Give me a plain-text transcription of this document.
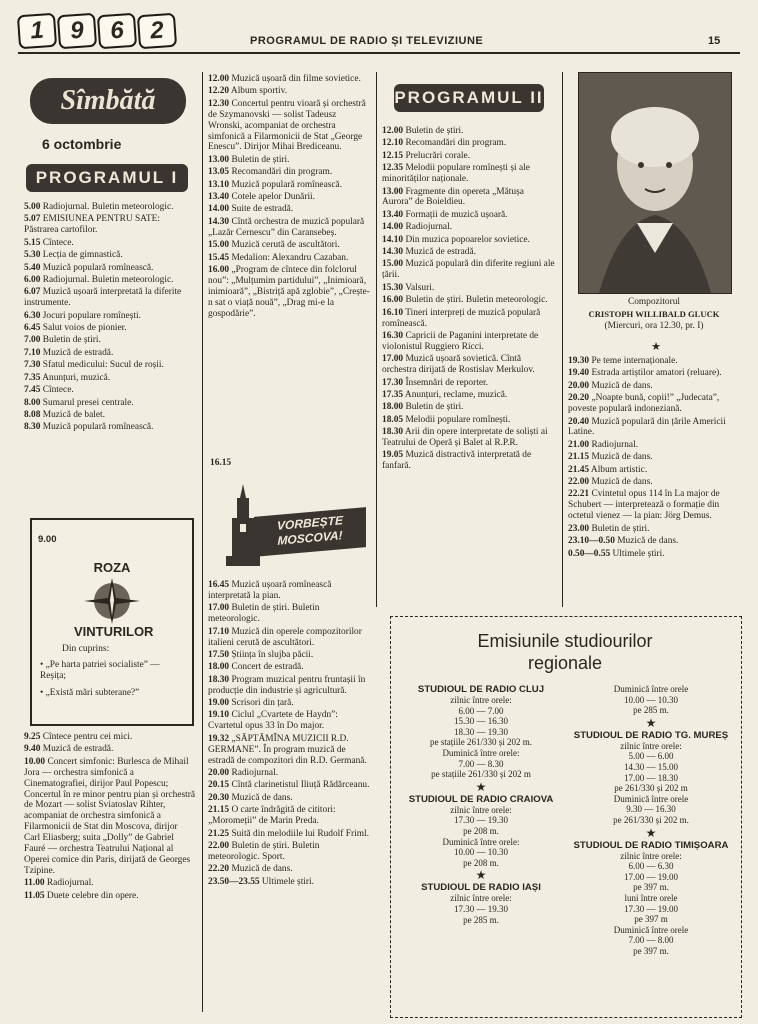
1	9	6	2	PROGRAMUL DE RADIO ȘI TELEVIZIUNE	15
Sîmbătă
6 octombrie
PROGRAMUL I

5.00 Radiojurnal. Buletin meteorologic.

5.07 EMISIUNEA PENTRU SATE: Păstrarea cartofilor.

5.15 Cîntece.

5.30 Lecția de gimnastică.

5.40 Muzică populară romînească.

6.00 Radiojurnal. Buletin meteorologic.

6.07 Muzică ușoară interpretată la diferite instrumente.

6.30 Jocuri populare romînești.

6.45 Salut voios de pionier.

7.00 Buletin de știri.

7.10 Muzică de estradă.

7.30 Sfatul medicului: Sucul de roșii.

7.35 Anunțuri, muzică.

7.45 Cîntece.

8.00 Sumarul presei centrale.

8.08 Muzică de balet.

8.30 Muzică populară romînească.

9.00
ROZA
VINTURILOR
Din cuprins:
• „Pe harta patriei socialiste” — Reșița;
• „Există mări subterane?”

9.25 Cîntece pentru cei mici.

9.40 Muzică de estradă.

10.00 Concert simfonic: Burlesca de Mihail Jora — orchestra simfonică a Cinematografiei, dirijor Paul Popescu; Concertul în re minor pentru pian și orchestră de Mozart — solist Sviatoslav Rihter, acompaniat de orchestra simfonică a Filarmonicii de Stat din Moscova, dirijor Carl Eliasberg; suita „Dolly” de Gabriel Fauré — orchestra Teatrului Național al Operei comice din Paris, dirijată de Georges Tzipine.

11.00 Radiojurnal.

11.05 Duete celebre din opere.

12.00 Muzică ușoară din filme sovietice.

12.20 Album sportiv.

12.30 Concertul pentru vioară și orchestră de Szymanovski — solist Tadeusz Wronski, acompaniat de orchestra simfonică a Filarmonicii de Stat „George Enescu”. Dirijor Mihai Brediceanu.

13.00 Buletin de știri.

13.05 Recomandări din program.

13.10 Muzică populară romînească.

13.40 Cotele apelor Dunării.

14.00 Suite de estradă.

14.30 Cîntă orchestra de muzică populară „Lazăr Cernescu” din Caransebeș.

15.00 Muzică cerută de ascultători.

15.45 Medalion: Alexandru Cazaban.

16.00 „Program de cîntece din folclorul nou”: „Mulțumim partidului”, „Inimioară, inimioară”, „Bistriță apă zglobie”, „Crește-n sat o viață nouă”, „Drag mi-e la gospodărie”.

16.15

VORBEȘTE MOSCOVA!

16.45 Muzică ușoară romînească interpretată la pian.

17.00 Buletin de știri. Buletin meteorologic.

17.10 Muzică din operele compozitorilor italieni cerută de ascultători.

17.50 Știința în slujba păcii.

18.00 Concert de estradă.

18.30 Program muzical pentru fruntașii în producție din industrie și agricultură.

19.00 Scrisori din țară.

19.10 Ciclul „Cvartete de Haydn”: Cvartetul opus 33 în Do major.

19.32 „SĂPTĂMÎNA MUZICII R.D. GERMANE”. În program muzică de estradă de compozitori din R.D. Germană.

20.00 Radiojurnal.

20.15 Cîntă clarinetistul Iliuță Rădărceanu.

20.30 Muzică de dans.

21.15 O carte îndrăgită de cititori: „Moromeții” de Marin Preda.

21.25 Suită din melodiile lui Rudolf Friml.

22.00 Buletin de știri. Buletin meteorologic. Sport.

22.20 Muzică de dans.

23.50—23.55 Ultimele știri.

PROGRAMUL II

12.00 Buletin de știri.

12.10 Recomandări din program.

12.15 Prelucrări corale.

12.35 Melodii populare romînești și ale minorităților naționale.

13.00 Fragmente din opereta „Mătușa Aurora” de Boieldieu.

13.40 Formații de muzică ușoară.

14.00 Radiojurnal.

14.10 Din muzica popoarelor sovietice.

14.30 Muzică de estradă.

15.00 Muzică populară din diferite regiuni ale țării.

15.30 Valsuri.

16.00 Buletin de știri. Buletin meteorologic.

16.10 Tineri interpreți de muzică populară romînească.

16.30 Capricii de Paganini interpretate de violonistul Ruggiero Ricci.

17.00 Muzică ușoară sovietică. Cîntă orchestra dirijată de Rostislav Merkulov.

17.30 Însemnări de reporter.

17.35 Anunțuri, reclame, muzică.

18.00 Buletin de știri.

18.05 Melodii populare romînești.

18.30 Arii din opere interpretate de soliști ai Teatrului de Operă și Balet al R.P.R.

19.05 Muzică distractivă interpretată de fanfară.

Compozitorul
CRISTOPH WILLIBALD GLUCK
(Miercuri, ora 12.30, pr. I)
★

19.30 Pe teme internaționale.

19.40 Estrada artiștilor amatori (reluare).

20.00 Muzică de dans.

20.20 „Noapte bună, copii!” „Judecata”, poveste populară indoneziană.

20.40 Muzică populară din țările Americii Latine.

21.00 Radiojurnal.

21.15 Muzică de dans.

21.45 Album artistic.

22.00 Muzică de dans.

22.21 Cvintetul opus 114 în La major de Schubert — interpretează o formație din octetul vienez — la pian: Jörg Demus.

23.00 Buletin de știri.

23.10—0.50 Muzică de dans.

0.50—0.55 Ultimele știri.

Emisiunile studiourilor
regionale
STUDIOUL DE RADIO CLUJ
zilnic între orele:
6.00 — 7.00
15.30 — 16.30
18.30 — 19.30
pe stațiile 261/330 și 202 m.
Duminică între orele:
7.00 — 8.30
pe stațiile 261/330 și 202 m
★
STUDIOUL DE RADIO CRAIOVA
zilnic între orele:
17.30 — 19.30
pe 208 m.
Duminică între orele:
10.00 — 10.30
pe 208 m.
★
STUDIOUL DE RADIO IAȘI
zilnic între orele:
17.30 — 19.30
pe 285 m.
Duminică între orele
10.00 — 10.30
pe 285 m.
★
STUDIOUL DE RADIO TG. MUREȘ
zilnic între orele:
5.00 — 6.00
14.30 — 15.00
17.00 — 18.30
pe 261/330 și 202 m
Duminică între orele
9.30 — 16.30
pe 261/330 și 202 m.
★
STUDIOUL DE RADIO TIMIȘOARA
zilnic între orele:
6.00 — 6.30
17.00 — 19.00
pe 397 m.
luni între orele
17.30 — 19.00
pe 397 m
Duminică între orele
7.00 — 8.00
pe 397 m.
